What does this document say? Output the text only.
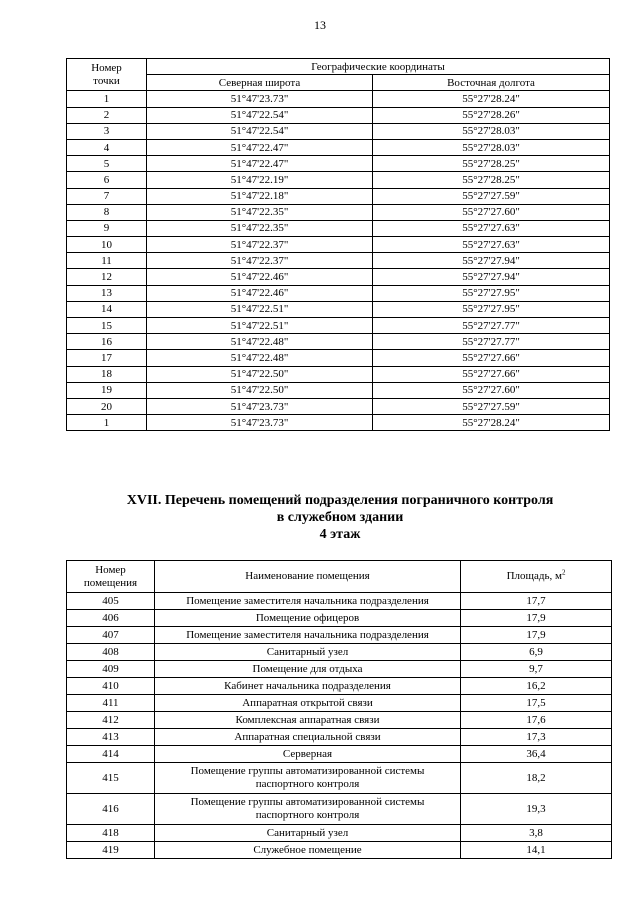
13
Номер
точки	Географические координаты	
	Северная широта	Восточная долгота
1	51°47'23.73"	55°27'28.24"
2	51°47'22.54"	55°27'28.26"
3	51°47'22.54"	55°27'28.03"
4	51°47'22.47"	55°27'28.03"
5	51°47'22.47"	55°27'28.25"
6	51°47'22.19"	55°27'28.25"
7	51°47'22.18"	55°27'27.59"
8	51°47'22.35"	55°27'27.60"
9	51°47'22.35"	55°27'27.63"
10	51°47'22.37"	55°27'27.63"
11	51°47'22.37"	55°27'27.94"
12	51°47'22.46"	55°27'27.94"
13	51°47'22.46"	55°27'27.95"
14	51°47'22.51"	55°27'27.95"
15	51°47'22.51"	55°27'27.77"
16	51°47'22.48"	55°27'27.77"
17	51°47'22.48"	55°27'27.66"
18	51°47'22.50"	55°27'27.66"
19	51°47'22.50"	55°27'27.60"
20	51°47'23.73"	55°27'27.59"
1	51°47'23.73"	55°27'28.24"
XVII. Перечень помещений подразделения пограничного контроля
в служебном здании
4 этаж
Номер
помещения	Наименование помещения	Площадь, $м^2$
405	Помещение заместителя начальника подразделения	17,7
406	Помещение офицеров	17,9
407	Помещение заместителя начальника подразделения	17,9
408	Санитарный узел	6,9
409	Помещение для отдыха	9,7
410	Кабинет начальника подразделения	16,2
411	Аппаратная открытой связи	17,5
412	Комплексная аппаратная связи	17,6
413	Аппаратная специальной связи	17,3
414	Серверная	36,4
415	Помещение группы автоматизированной системы
паспортного контроля	18,2
416	Помещение группы автоматизированной системы
паспортного контроля	19,3
418	Санитарный узел	3,8
419	Служебное помещение	14,1
